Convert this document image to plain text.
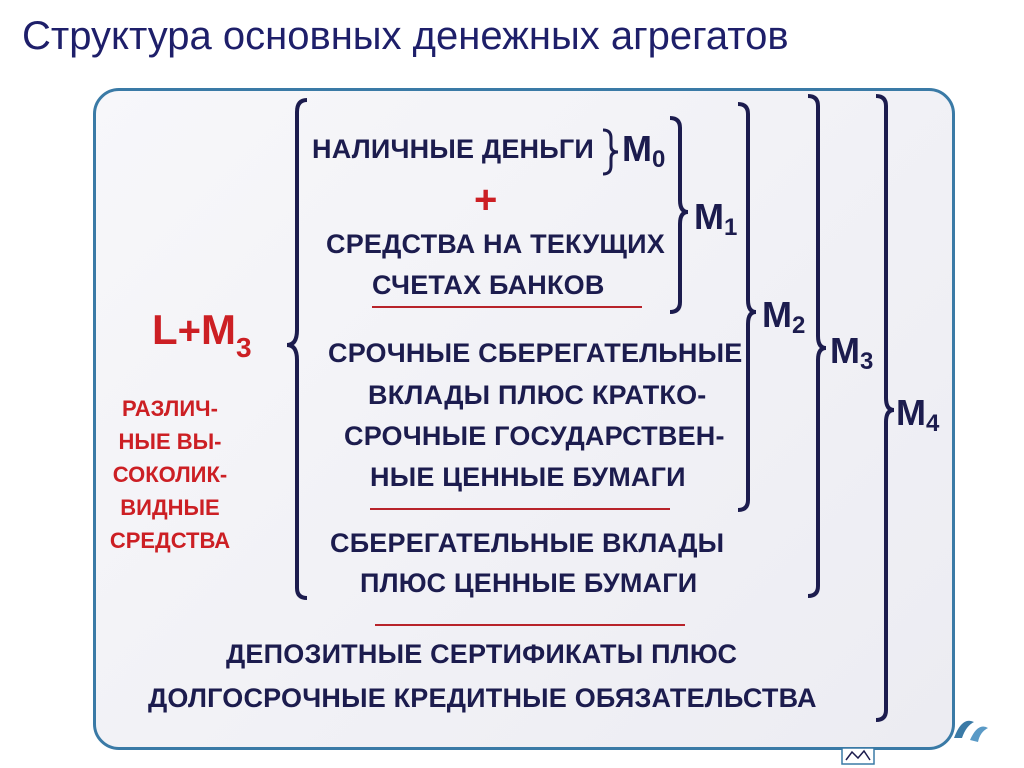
Структура основных денежных агрегатов
НАЛИЧНЫЕ ДЕНЬГИ $M_0$
+
СРЕДСТВА НА ТЕКУЩИХ
СЧЕТАХ БАНКОВ
$M_1$
СРОЧНЫЕ СБЕРЕГАТЕЛЬНЫЕ
ВКЛАДЫ ПЛЮС КРАТКО-
СРОЧНЫЕ ГОСУДАРСТВЕН-
НЫЕ ЦЕННЫЕ БУМАГИ
$M_2$
СБЕРЕГАТЕЛЬНЫЕ ВКЛАДЫ
ПЛЮС ЦЕННЫЕ БУМАГИ
$M_3$
ДЕПОЗИТНЫЕ СЕРТИФИКАТЫ ПЛЮС
ДОЛГОСРОЧНЫЕ КРЕДИТНЫЕ ОБЯЗАТЕЛЬСТВА
$M_4$
$L+M_3$
РАЗЛИЧ-
НЫЕ ВЫ-
СОКОЛИК-
ВИДНЫЕ
СРЕДСТВА
